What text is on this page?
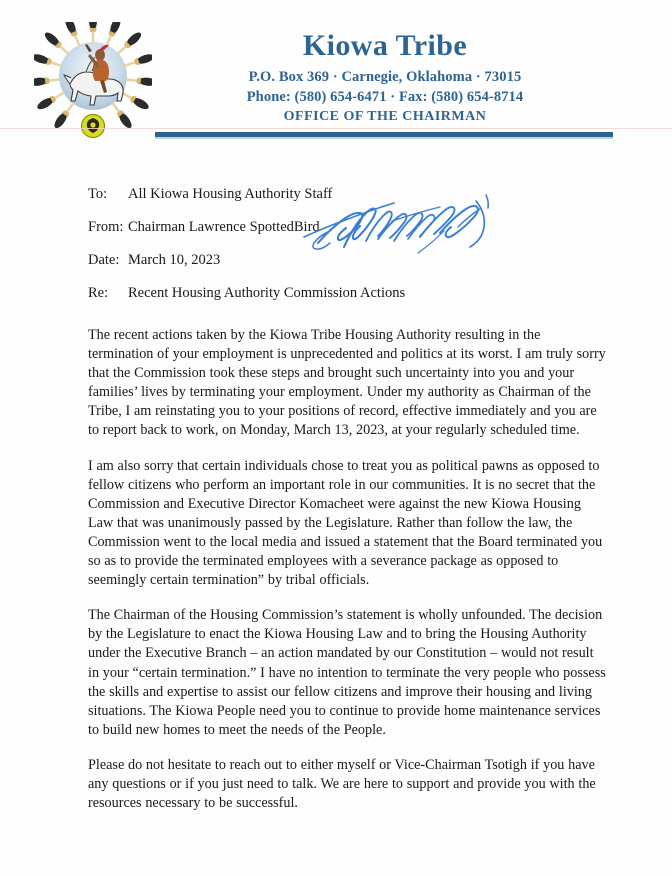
Kiowa Tribe
P.O. Box 369 · Carnegie, Oklahoma · 73015
Phone: (580) 654-6471 · Fax: (580) 654-8714
OFFICE OF THE CHAIRMAN
To:	All Kiowa Housing Authority Staff
From: Chairman Lawrence SpottedBird
Date: March 10, 2023
Re:	Recent Housing Authority Commission Actions

The recent actions taken by the Kiowa Tribe Housing Authority resulting in the termination of your employment is unprecedented and politics at its worst. I am truly sorry that the Commission took these steps and brought such uncertainty into you and your families’ lives by terminating your employment. Under my authority as Chairman of the Tribe, I am reinstating you to your positions of record, effective immediately and you are to report back to work, on Monday, March 13, 2023, at your regularly scheduled time.

I am also sorry that certain individuals chose to treat you as political pawns as opposed to fellow citizens who perform an important role in our communities. It is no secret that the Commission and Executive Director Komacheet were against the new Kiowa Housing Law that was unanimously passed by the Legislature. Rather than follow the law, the Commission went to the local media and issued a statement that the Board terminated you so as to provide the terminated employees with a severance package as opposed to seemingly certain termination” by tribal officials.

The Chairman of the Housing Commission’s statement is wholly unfounded. The decision by the Legislature to enact the Kiowa Housing Law and to bring the Housing Authority under the Executive Branch – an action mandated by our Constitution – would not result in your “certain termination.” I have no intention to terminate the very people who possess the skills and expertise to assist our fellow citizens and improve their housing and living situations. The Kiowa People need you to continue to provide home maintenance services to build new homes to meet the needs of the People.

Please do not hesitate to reach out to either myself or Vice-Chairman Tsotigh if you have any questions or if you just need to talk. We are here to support and provide you with the resources necessary to be successful.
